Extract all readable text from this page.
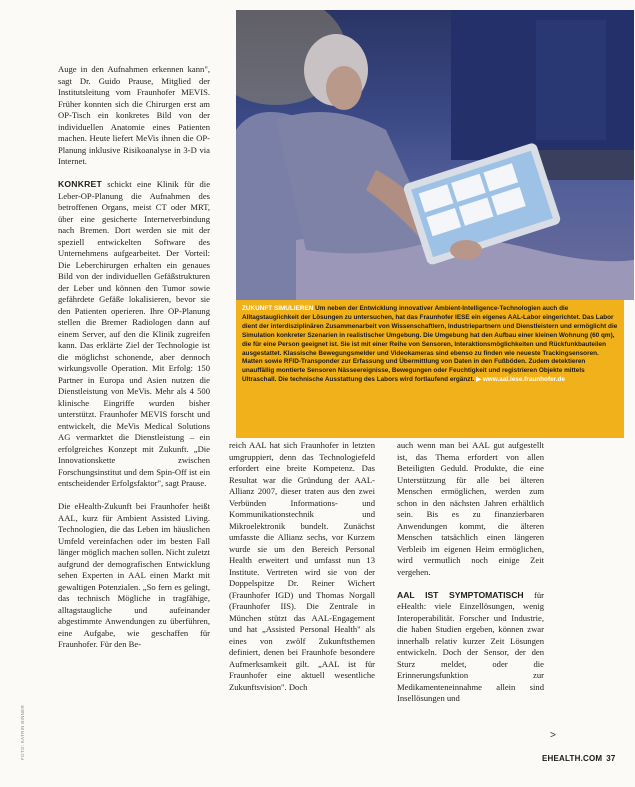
ZUKUNFT SIMULIEREN Um neben der Entwicklung innovativer Ambient-Intelligence-Technologien auch die Alltagstauglichkeit der Lösungen zu untersuchen, hat das Fraunhofer IESE ein eigenes AAL-Labor eingerichtet. Das Labor dient der interdisziplinären Zusammenarbeit von Wissenschaftlern, Industriepartnern und Dienstleistern und ermöglicht die Simulation konkreter Szenarien in realistischer Umgebung. Die Umgebung hat den Aufbau einer kleinen Wohnung (60 qm), die für eine Person geeignet ist. Sie ist mit einer Reihe von Sensoren, Interaktionsmöglichkeiten und Rückfunkbauteilen ausgestattet. Klassische Bewegungsmelder und Videokameras sind ebenso zu finden wie neueste Trackingsensoren. Matten sowie RFID-Transponder zur Erfassung und Übermittlung von Daten in den Fußböden. Zudem detektieren unauffällig montierte Sensoren Nässeereignisse, Bewegungen oder Feuchtigkeit und registrieren Objekte mittels Ultraschall. Die technische Ausstattung des Labors wird fortlaufend ergänzt. ▶ www.aal.iese.fraunhofer.de

Auge in den Aufnahmen erkennen kann", sagt Dr. Guido Prause, Mitglied der Institutsleitung vom Fraunhofer MEVIS. Früher konnten sich die Chirurgen erst am OP-Tisch ein konkretes Bild von der individuellen Anatomie eines Patienten machen. Heute liefert MeVis ihnen die OP-Planung inklusive Risikoanalyse in 3-D via Internet.

KONKRET schickt eine Klinik für die Leber-OP-Planung die Aufnahmen des betroffenen Organs, meist CT oder MRT, über eine gesicherte Internetverbindung nach Bremen. Dort werden sie mit der speziell entwickelten Software des Unternehmens aufgearbeitet. Der Vorteil: Die Leberchirurgen erhalten ein genaues Bild von der individuellen Gefäßstrukturen der Leber und können den Tumor sowie gefährdete Gefäße lokalisieren, bevor sie den Patienten operieren. Ihre OP-Planung stellen die Bremer Radiologen dann auf einem Server, auf den die Klinik zugreifen kann. Das erklärte Ziel der Technologie ist die möglichst schonende, aber dennoch wirkungsvolle Operation. Mit Erfolg: 150 Partner in Europa und Asien nutzen die Dienstleistung von MeVis. Mehr als 4 500 klinische Eingriffe wurden bisher unterstützt. Fraunhofer MEVIS forscht und entwickelt, die MeVis Medical Solutions AG vermarktet die Dienstleistung – ein erfolgreiches Konzept mit Zukunft. „Die Innovationskette zwischen Forschungsinstitut und dem Spin-Off ist ein entscheidender Erfolgsfaktor", sagt Prause.

Die eHealth-Zukunft bei Fraunhofer heißt AAL, kurz für Ambient Assisted Living. Technologien, die das Leben im häuslichen Umfeld vereinfachen oder im besten Fall länger möglich machen sollen. Nicht zuletzt aufgrund der demografischen Entwicklung sehen Experten in AAL einen Markt mit gewaltigen Potenzialen. „So fern es gelingt, das technisch Mögliche in tragfähige, alltagstaugliche und aufeinander abgestimmte Anwendungen zu überführen, eine Aufgabe, wie geschaffen für Fraunhofer. Für den Be-

reich AAL hat sich Fraunhofer in letzten umgruppiert, denn das Technologiefeld erfordert eine breite Kompetenz. Das Resultat war die Gründung der AAL-Allianz 2007, dieser traten aus den zwei Verbünden Informations- und Kommunikationstechnik und Mikroelektronik bundelt. Zunächst umfasste die Allianz sechs, vor Kurzem wurde sie um den Bereich Personal Health erweitert und umfasst nun 13 Institute. Vertreten wird sie von der Doppelspitze Dr. Reiner Wichert (Fraunhofer IGD) und Thomas Norgall (Fraunhofer IIS). Die Zentrale in München stützt das AAL-Engagement und hat „Assisted Personal Health" als eines von zwölf Zukunftsthemen definiert, denen bei Fraunhofe besondere Aufmerksamkeit gilt. „AAL ist für Fraunhofer eine aktuell wesentliche Zukunftsvision". Doch

auch wenn man bei AAL gut aufgestellt ist, das Thema erfordert von allen Beteiligten Geduld. Produkte, die eine Unterstützung für alle bei älteren Menschen ermöglichen, werden zum schon in den nächsten Jahren erhältlich sein. Bis es zu finanzierbaren Anwendungen kommt, die älteren Menschen tatsächlich einen längeren Verbleib im eigenen Heim ermöglichen, wird vermutlich noch einige Zeit vergehen.

AAL IST SYMPTOMATISCH für eHealth: viele Einzellösungen, wenig Interoperabilität. Forscher und Industrie, die haben Studien ergeben, können zwar innerhalb relativ kurzer Zeit Lösungen entwickeln. Doch der Sensor, der den Sturz meldet, oder die Erinnerungsfunktion zur Medikamenteneinnahme allein sind Insellösungen und

FOTO: KATRIN BINNER	>
EHEALTH.COM 37
